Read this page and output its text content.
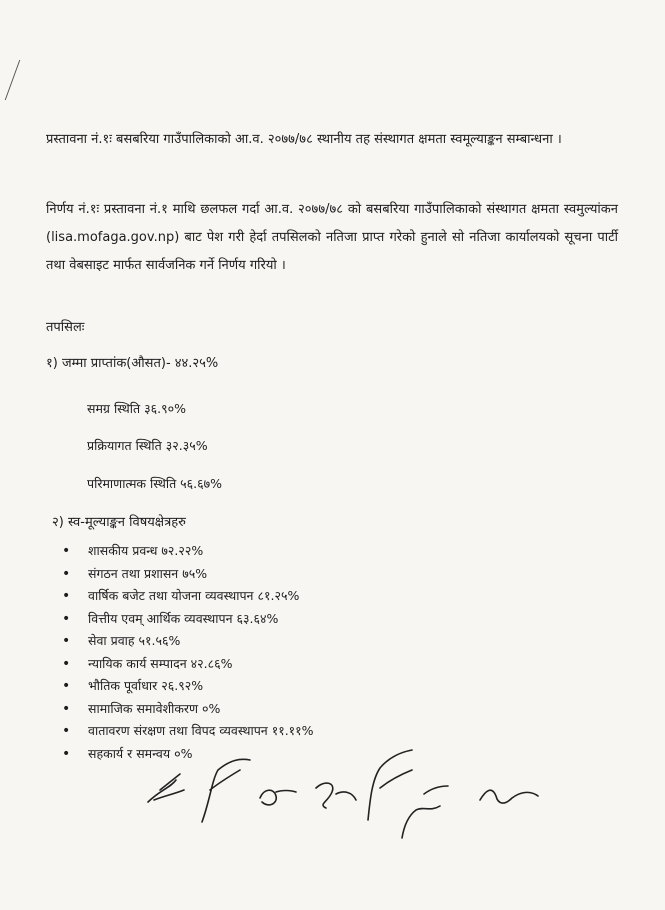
प्रस्तावना नं.१ः बसबरिया गाउँपालिकाको आ.व. २०७७/७८ स्थानीय तह संस्थागत क्षमता स्वमूल्याङ्कन सम्बान्धना ।

निर्णय नं.१ः प्रस्तावना नं.१ माथि छलफल गर्दा आ.व. २०७७/७८ को बसबरिया गाउँपालिकाको संस्थागत क्षमता स्वमुल्यांकन (lisa.mofaga.gov.np) बाट पेश गरी हेर्दा तपसिलको नतिजा प्राप्त गरेको हुनाले सो नतिजा कार्यालयको सूचना पार्टी तथा वेबसाइट मार्फत सार्वजनिक गर्ने निर्णय गरियो ।

तपसिलः
१) जम्मा प्राप्तांक(औसत)- ४४.२५%
समग्र स्थिति ३६.९०%
प्रक्रियागत स्थिति ३२.३५%
परिमाणात्मक स्थिति ५६.६७%
२) स्व-मूल्याङ्कन विषयक्षेत्रहरु
• शासकीय प्रवन्ध ७२.२२%
• संगठन तथा प्रशासन ७५%
• वार्षिक बजेट तथा योजना व्यवस्थापन ८१.२५%
• वित्तीय एवम् आर्थिक व्यवस्थापन ६३.६४%
• सेवा प्रवाह ५१.५६%
• न्यायिक कार्य सम्पादन ४२.८६%
• भौतिक पूर्वाधार २६.९२%
• सामाजिक समावेशीकरण ०%
• वातावरण संरक्षण तथा विपद व्यवस्थापन ११.११%
• सहकार्य र समन्वय ०%
